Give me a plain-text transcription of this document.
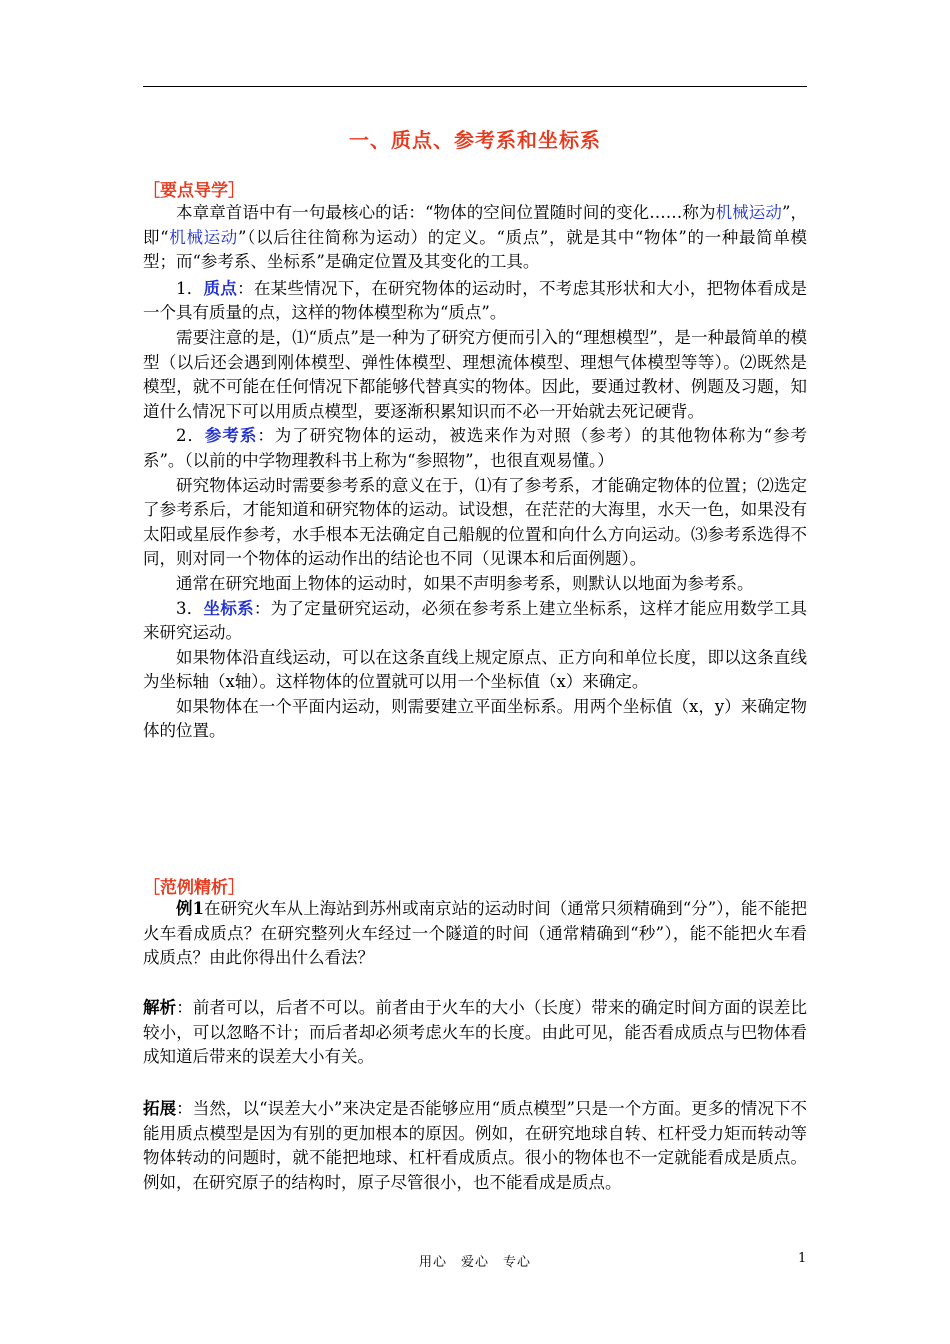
一、质点、参考系和坐标系
［要点导学］

本章章首语中有一句最核心的话：“物体的空间位置随时间的变化……称为机械运动”，即“机械运动”（以后往往简称为运动）的定义。“质点”，就是其中“物体”的一种最简单模型；而“参考系、坐标系”是确定位置及其变化的工具。

1．质点：在某些情况下，在研究物体的运动时，不考虑其形状和大小，把物体看成是一个具有质量的点，这样的物体模型称为“质点”。

需要注意的是，⑴“质点”是一种为了研究方便而引入的“理想模型”，是一种最简单的模型（以后还会遇到刚体模型、弹性体模型、理想流体模型、理想气体模型等等）。⑵既然是模型，就不可能在任何情况下都能够代替真实的物体。因此，要通过教材、例题及习题，知道什么情况下可以用质点模型，要逐渐积累知识而不必一开始就去死记硬背。

2．参考系：为了研究物体的运动，被选来作为对照（参考）的其他物体称为“参考系”。（以前的中学物理教科书上称为“参照物”，也很直观易懂。）

研究物体运动时需要参考系的意义在于，⑴有了参考系，才能确定物体的位置；⑵选定了参考系后，才能知道和研究物体的运动。试设想，在茫茫的大海里，水天一色，如果没有太阳或星辰作参考，水手根本无法确定自己船舰的位置和向什么方向运动。⑶参考系选得不同，则对同一个物体的运动作出的结论也不同（见课本和后面例题）。

通常在研究地面上物体的运动时，如果不声明参考系，则默认以地面为参考系。

3．坐标系：为了定量研究运动，必须在参考系上建立坐标系，这样才能应用数学工具来研究运动。

如果物体沿直线运动，可以在这条直线上规定原点、正方向和单位长度，即以这条直线为坐标轴（x轴）。这样物体的位置就可以用一个坐标值（x）来确定。

如果物体在一个平面内运动，则需要建立平面坐标系。用两个坐标值（x，y）来确定物体的位置。

［范例精析］

例1在研究火车从上海站到苏州或南京站的运动时间（通常只须精确到“分”），能不能把火车看成质点？在研究整列火车经过一个隧道的时间（通常精确到“秒”），能不能把火车看成质点？由此你得出什么看法？

解析：前者可以，后者不可以。前者由于火车的大小（长度）带来的确定时间方面的误差比较小，可以忽略不计；而后者却必须考虑火车的长度。由此可见，能否看成质点与巴物体看成知道后带来的误差大小有关。

拓展：当然，以“误差大小”来决定是否能够应用“质点模型”只是一个方面。更多的情况下不能用质点模型是因为有别的更加根本的原因。例如，在研究地球自转、杠杆受力矩而转动等物体转动的问题时，就不能把地球、杠杆看成质点。很小的物体也不一定就能看成是质点。例如，在研究原子的结构时，原子尽管很小，也不能看成是质点。

用心　爱心　专心	1
